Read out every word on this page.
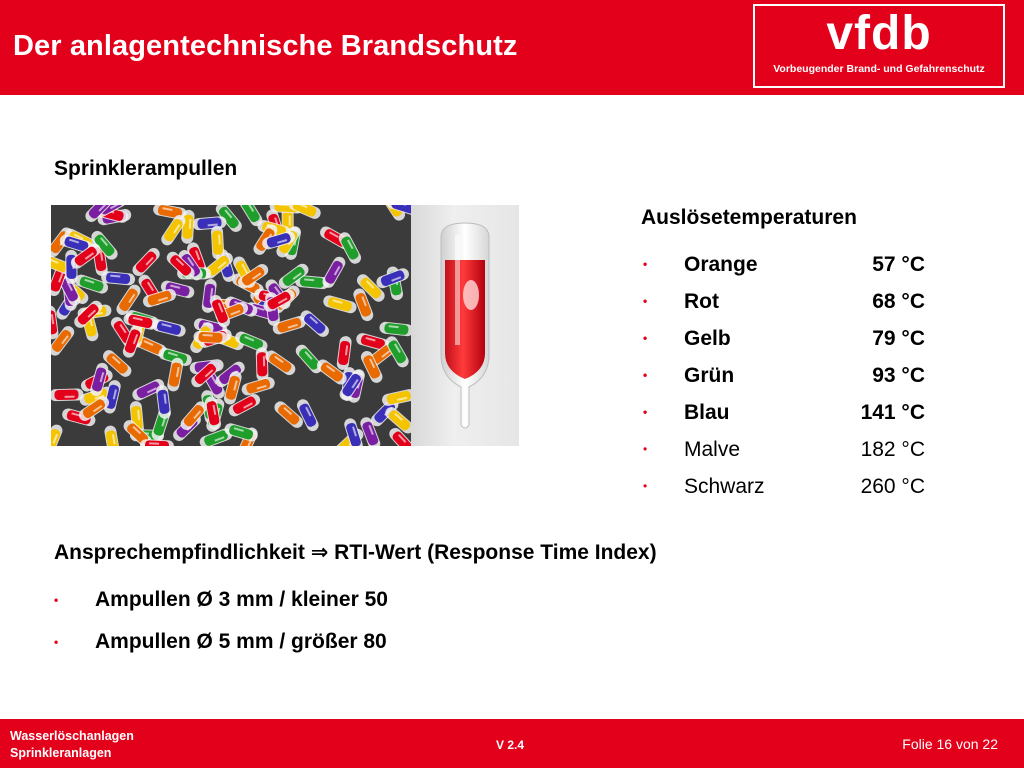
Der anlagentechnische Brandschutz	vfdb
Vorbeugender Brand- und Gefahrenschutz
Sprinklerampullen
Auslösetemperaturen
• Orange	57 °C
• Rot	68 °C
• Gelb	79 °C
• Grün	93 °C
• Blau	141 °C
• Malve	182 °C
• Schwarz	260 °C
Ansprechempfindlichkeit ⇒ RTI-Wert (Response Time Index)
• Ampullen Ø 3 mm / kleiner 50
• Ampullen Ø 5 mm / größer 80
Wasserlöschanlagen
Sprinkleranlagen
V 2.4	Folie 16 von 22
